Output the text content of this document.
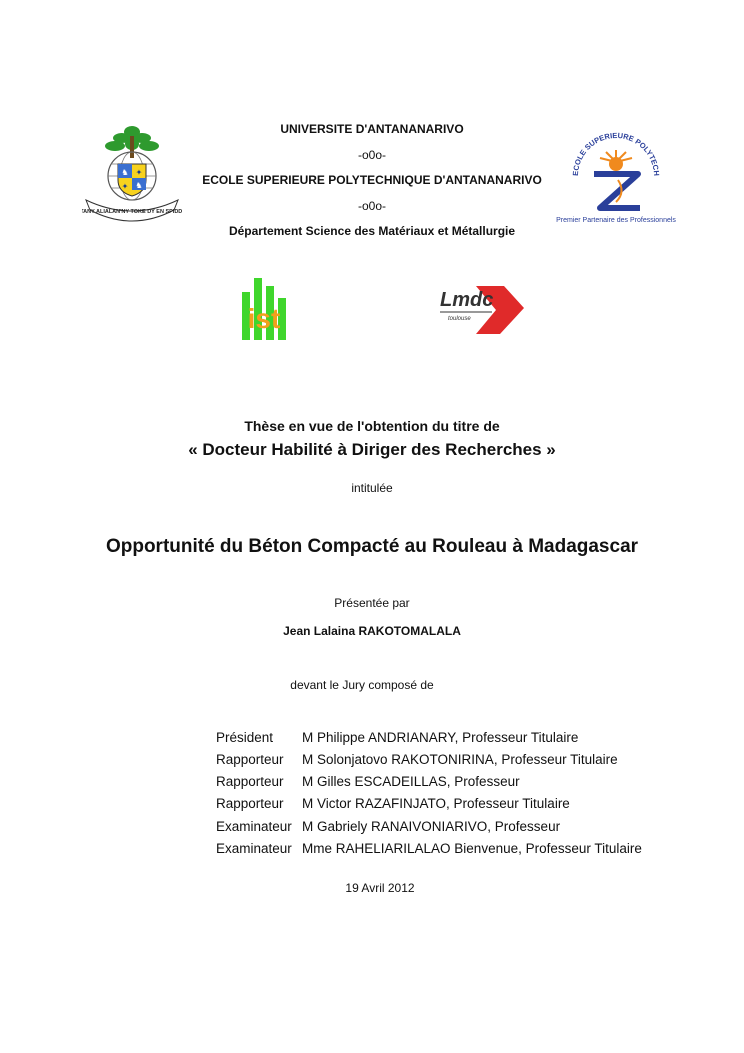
♞ ✦
✦ ♞
TANY ALIALAN'NY TOKE DY EN SPIDDI
ECOLE SUPERIEURE POLYTECH
Premier Partenaire des Professionnels
UNIVERSITE D'ANTANANARIVO
-o0o-
ECOLE SUPERIEURE POLYTECHNIQUE D'ANTANANARIVO
-o0o-
Département Science des Matériaux et Métallurgie
ist
Lmdc
toulouse
Thèse en vue de l'obtention du titre de
« Docteur Habilité à Diriger des Recherches »
intitulée
Opportunité du Béton Compacté au Rouleau à Madagascar
Présentée par
Jean Lalaina RAKOTOMALALA
devant le Jury composé de
Président M Philippe ANDRIANARY, Professeur Titulaire
Rapporteur M Solonjatovo RAKOTONIRINA, Professeur Titulaire
Rapporteur M Gilles ESCADEILLAS, Professeur
Rapporteur M Victor RAZAFINJATO, Professeur Titulaire
Examinateur M Gabriely RANAIVONIARIVO, Professeur
Examinateur Mme RAHELIARILALAO Bienvenue, Professeur Titulaire
19 Avril 2012
